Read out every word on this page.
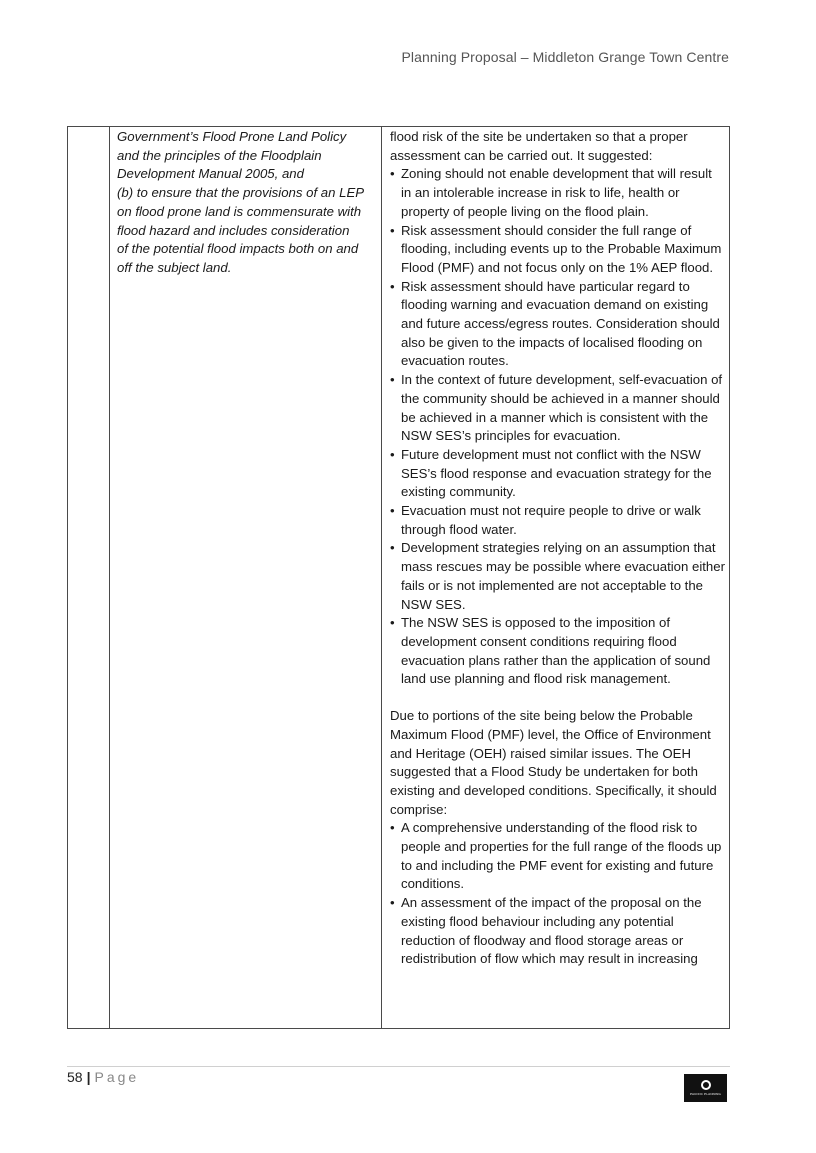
Planning Proposal – Middleton Grange Town Centre

Government’s Flood Prone Land Policy

and the principles of the Floodplain

Development Manual 2005, and

(b) to ensure that the provisions of an LEP

on flood prone land is commensurate with

flood hazard and includes consideration

of the potential flood impacts both on and

off the subject land.

flood risk of the site be undertaken so that a proper assessment can be carried out. It suggested:

• Zoning should not enable development that will result in an intolerable increase in risk to life, health or property of people living on the flood plain.
• Risk assessment should consider the full range of flooding, including events up to the Probable Maximum Flood (PMF) and not focus only on the 1% AEP flood.
• Risk assessment should have particular regard to flooding warning and evacuation demand on existing and future access/egress routes. Consideration should also be given to the impacts of localised flooding on evacuation routes.
• In the context of future development, self-evacuation of the community should be achieved in a manner should be achieved in a manner which is consistent with the NSW SES’s principles for evacuation.
• Future development must not conflict with the NSW SES’s flood response and evacuation strategy for the existing community.
• Evacuation must not require people to drive or walk through flood water.
• Development strategies relying on an assumption that mass rescues may be possible where evacuation either fails or is not implemented are not acceptable to the NSW SES.
• The NSW SES is opposed to the imposition of development consent conditions requiring flood evacuation plans rather than the application of sound land use planning and flood risk management.

Due to portions of the site being below the Probable Maximum Flood (PMF) level, the Office of Environment and Heritage (OEH) raised similar issues. The OEH suggested that a Flood Study be undertaken for both existing and developed conditions. Specifically, it should comprise:

• A comprehensive understanding of the flood risk to people and properties for the full range of the floods up to and including the PMF event for existing and future conditions.
• An assessment of the impact of the proposal on the existing flood behaviour including any potential reduction of floodway and flood storage areas or redistribution of flow which may result in increasing
58 | Page
PACIFIC PLANNING
